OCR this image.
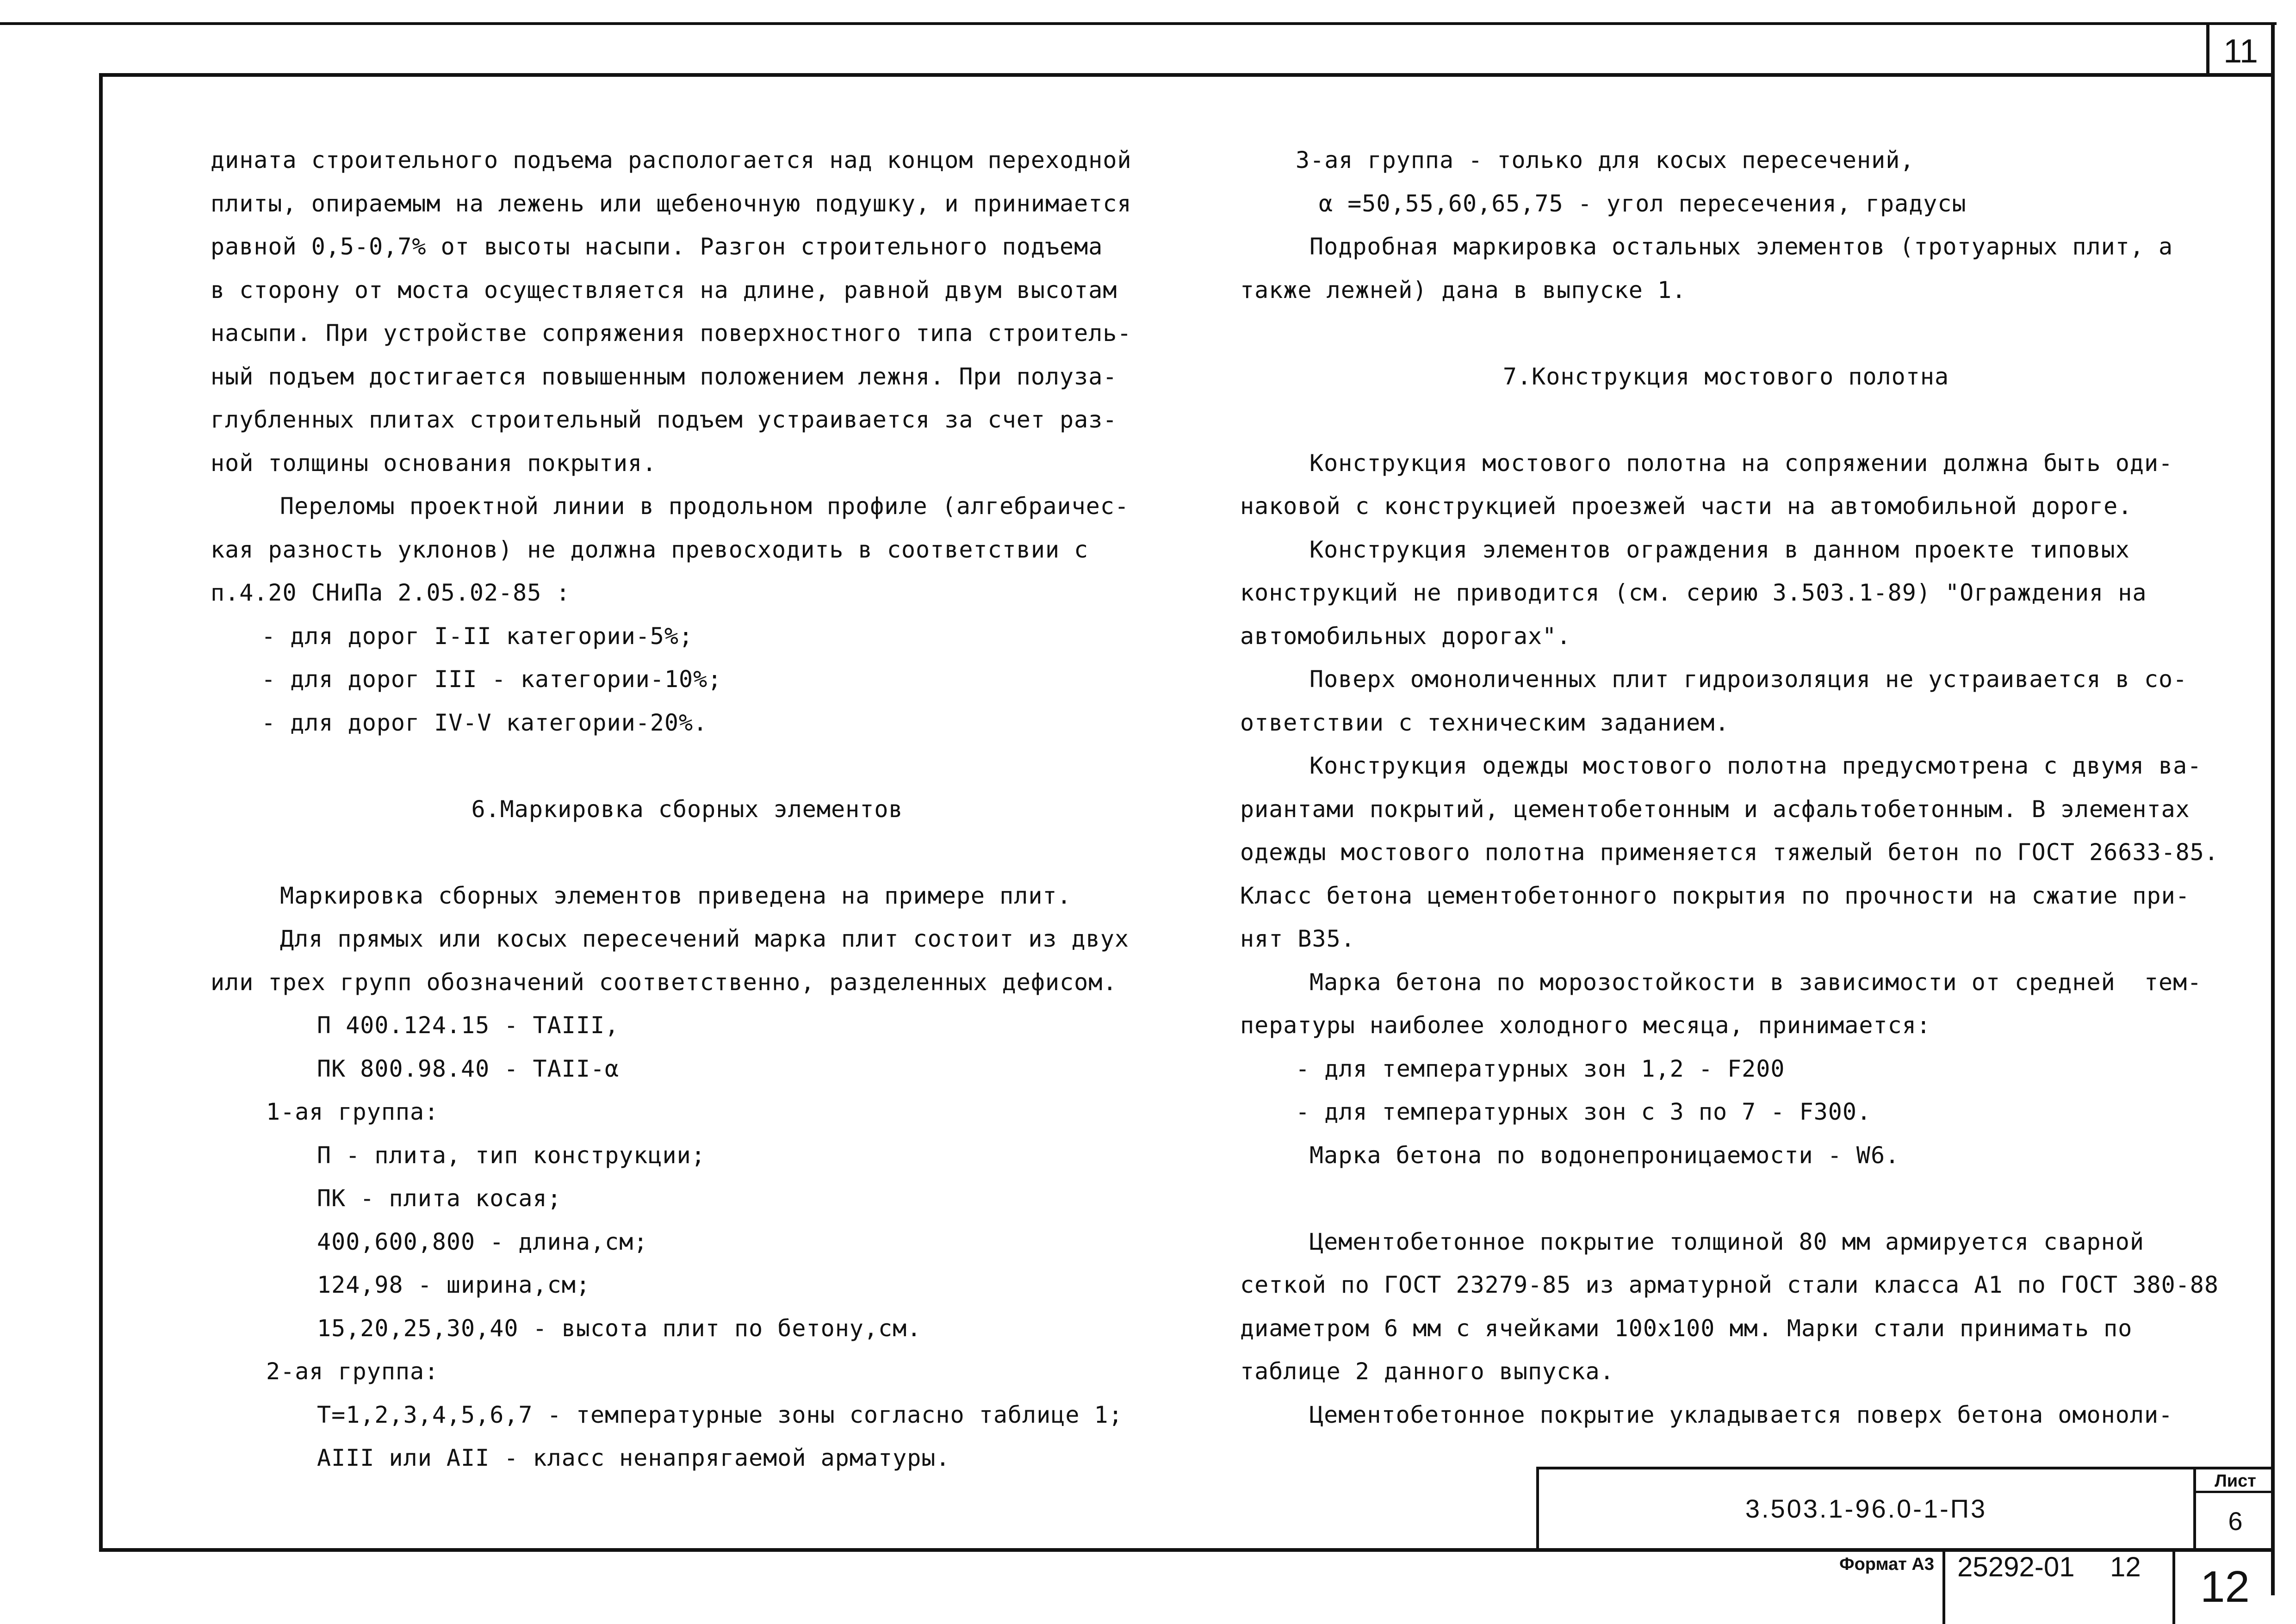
11
Лист
6
3.503.1-96.0-1-П3
Формат А3 25292-01 12	12

дината строительного подъема распологается над концом переходной

плиты, опираемым на лежень или щебеночную подушку, и принимается

равной 0,5-0,7% от высоты насыпи. Разгон строительного подъема

в сторону от моста осуществляется на длине, равной двум высотам

насыпи. При устройстве сопряжения поверхностного типа строитель-

ный подъем достигается повышенным положением лежня. При полуза-

глубленных плитах строительный подъем устраивается за счет раз-

ной толщины основания покрытия.

Переломы проектной линии в продольном профиле (алгебраичес-

кая разность уклонов) не должна превосходить в соответствии с

п.4.20 СНиПа 2.05.02-85 :

- для дорог I-II категории-5%;

- для дорог III - категории-10%;

- для дорог IV-V категории-20%.

6.Маркировка сборных элементов

Маркировка сборных элементов приведена на примере плит.

Для прямых или косых пересечений марка плит состоит из двух

или трех групп обозначений соответственно, разделенных дефисом.

П 400.124.15 - ТАIII,

ПК 800.98.40 - ТАII-α

1-ая группа:

П - плита, тип конструкции;

ПК - плита косая;

400,600,800 - длина,см;

124,98 - ширина,см;

15,20,25,30,40 - высота плит по бетону,см.

2-ая группа:

Т=1,2,3,4,5,6,7 - температурные зоны согласно таблице 1;

АIII или АII - класс ненапрягаемой арматуры.

3-ая группа - только для косых пересечений,

α =50,55,60,65,75 - угол пересечения, градусы

Подробная маркировка остальных элементов (тротуарных плит, а

также лежней) дана в выпуске 1.

7.Конструкция мостового полотна

Конструкция мостового полотна на сопряжении должна быть оди-

наковой с конструкцией проезжей части на автомобильной дороге.

Конструкция элементов ограждения в данном проекте типовых

конструкций не приводится (см. серию 3.503.1-89) "Ограждения на

автомобильных дорогах".

Поверх омоноличенных плит гидроизоляция не устраивается в со-

ответствии с техническим заданием.

Конструкция одежды мостового полотна предусмотрена с двумя ва-

риантами покрытий, цементобетонным и асфальтобетонным. В элементах

одежды мостового полотна применяется тяжелый бетон по ГОСТ 26633-85.

Класс бетона цементобетонного покрытия по прочности на сжатие при-

нят В35.

Марка бетона по морозостойкости в зависимости от средней  тем-

пературы наиболее холодного месяца, принимается:

- для температурных зон 1,2 - F200

- для температурных зон с 3 по 7 - F300.

Марка бетона по водонепроницаемости - W6.

Цементобетонное покрытие толщиной 80 мм армируется сварной

сеткой по ГОСТ 23279-85 из арматурной стали класса А1 по ГОСТ 380-88

диаметром 6 мм с ячейками 100х100 мм. Марки стали принимать по

таблице 2 данного выпуска.

Цементобетонное покрытие укладывается поверх бетона омоноли-
